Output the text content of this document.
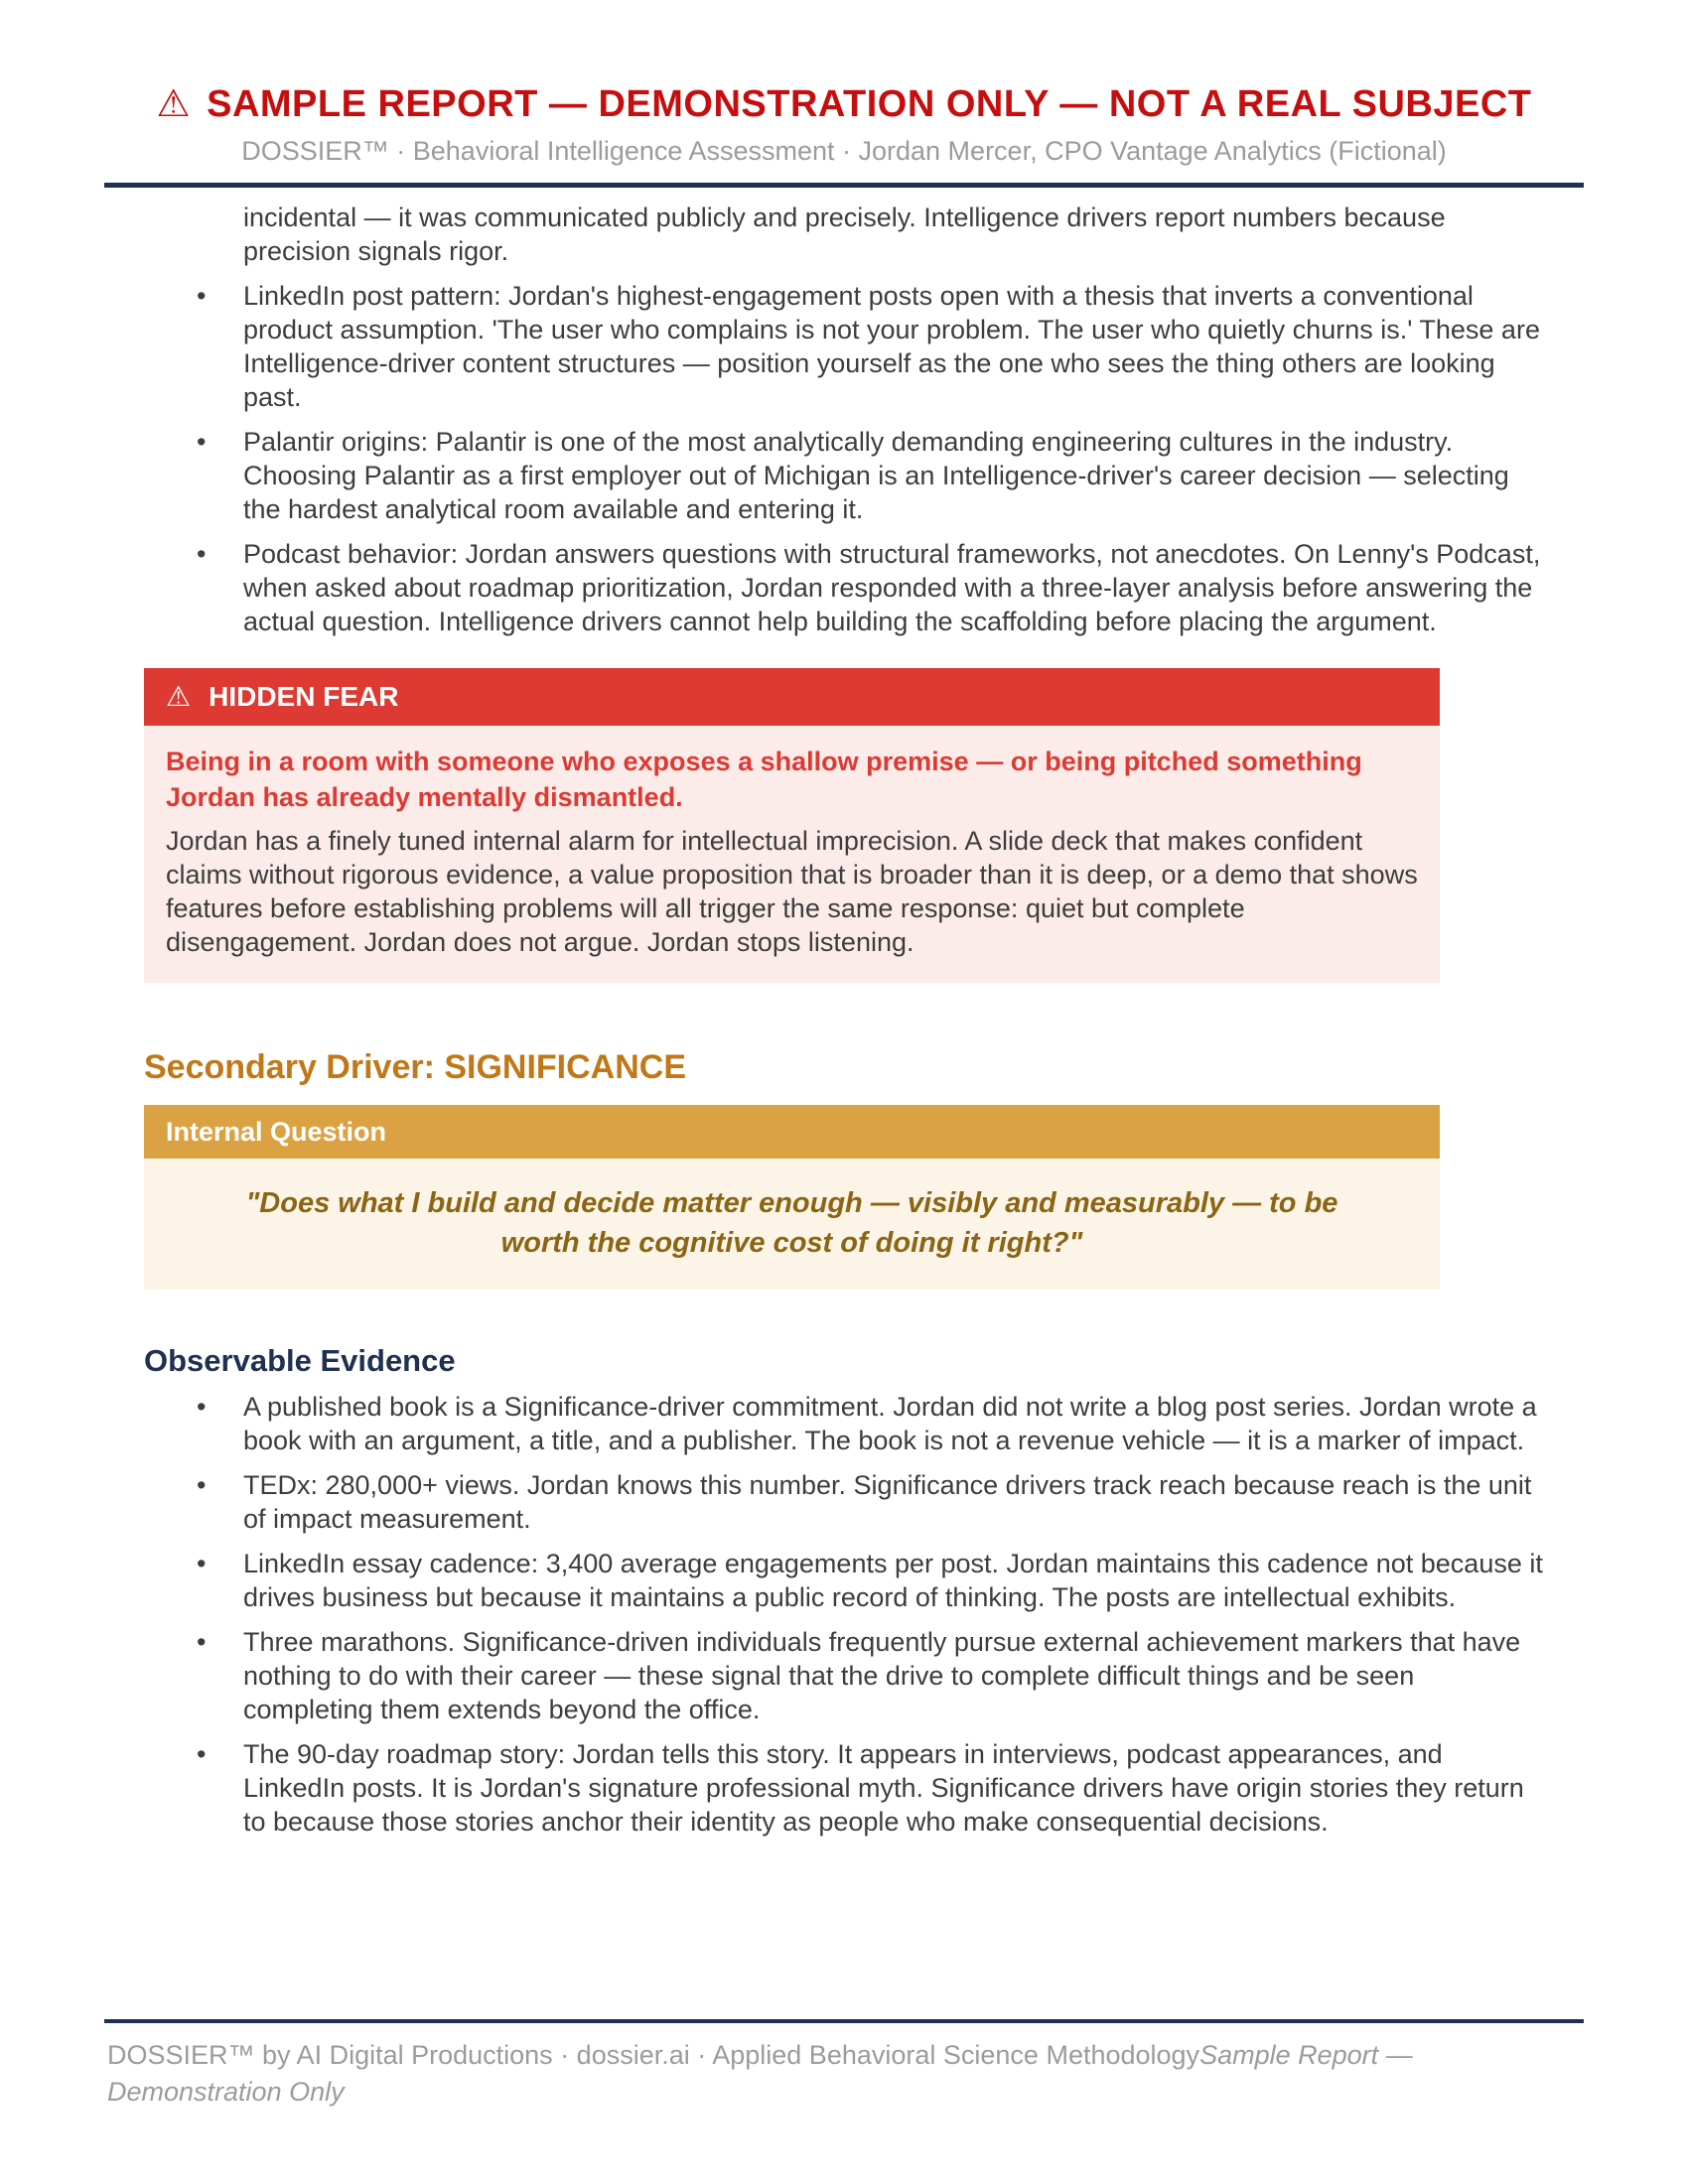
⚠ SAMPLE REPORT — DEMONSTRATION ONLY — NOT A REAL SUBJECT
DOSSIER™ · Behavioral Intelligence Assessment · Jordan Mercer, CPO Vantage Analytics (Fictional)

incidental — it was communicated publicly and precisely. Intelligence drivers report numbers because precision signals rigor.

• LinkedIn post pattern: Jordan's highest-engagement posts open with a thesis that inverts a conventional product assumption. 'The user who complains is not your problem. The user who quietly churns is.' These are Intelligence-driver content structures — position yourself as the one who sees the thing others are looking past.
• Palantir origins: Palantir is one of the most analytically demanding engineering cultures in the industry. Choosing Palantir as a first employer out of Michigan is an Intelligence-driver's career decision — selecting the hardest analytical room available and entering it.
• Podcast behavior: Jordan answers questions with structural frameworks, not anecdotes. On Lenny's Podcast, when asked about roadmap prioritization, Jordan responded with a three-layer analysis before answering the actual question. Intelligence drivers cannot help building the scaffolding before placing the argument.
⚠ HIDDEN FEAR

Being in a room with someone who exposes a shallow premise — or being pitched something Jordan has already mentally dismantled.

Jordan has a finely tuned internal alarm for intellectual imprecision. A slide deck that makes confident claims without rigorous evidence, a value proposition that is broader than it is deep, or a demo that shows features before establishing problems will all trigger the same response: quiet but complete disengagement. Jordan does not argue. Jordan stops listening.

Secondary Driver: SIGNIFICANCE
Internal Question

"Does what I build and decide matter enough — visibly and measurably — to be worth the cognitive cost of doing it right?"

Observable Evidence
• A published book is a Significance-driver commitment. Jordan did not write a blog post series. Jordan wrote a book with an argument, a title, and a publisher. The book is not a revenue vehicle — it is a marker of impact.
• TEDx: 280,000+ views. Jordan knows this number. Significance drivers track reach because reach is the unit of impact measurement.
• LinkedIn essay cadence: 3,400 average engagements per post. Jordan maintains this cadence not because it drives business but because it maintains a public record of thinking. The posts are intellectual exhibits.
• Three marathons. Significance-driven individuals frequently pursue external achievement markers that have nothing to do with their career — these signal that the drive to complete difficult things and be seen completing them extends beyond the office.
• The 90-day roadmap story: Jordan tells this story. It appears in interviews, podcast appearances, and LinkedIn posts. It is Jordan's signature professional myth. Significance drivers have origin stories they return to because those stories anchor their identity as people who make consequential decisions.

DOSSIER™ by AI Digital Productions · dossier.ai · Applied Behavioral Science MethodologySample Report — Demonstration Only
